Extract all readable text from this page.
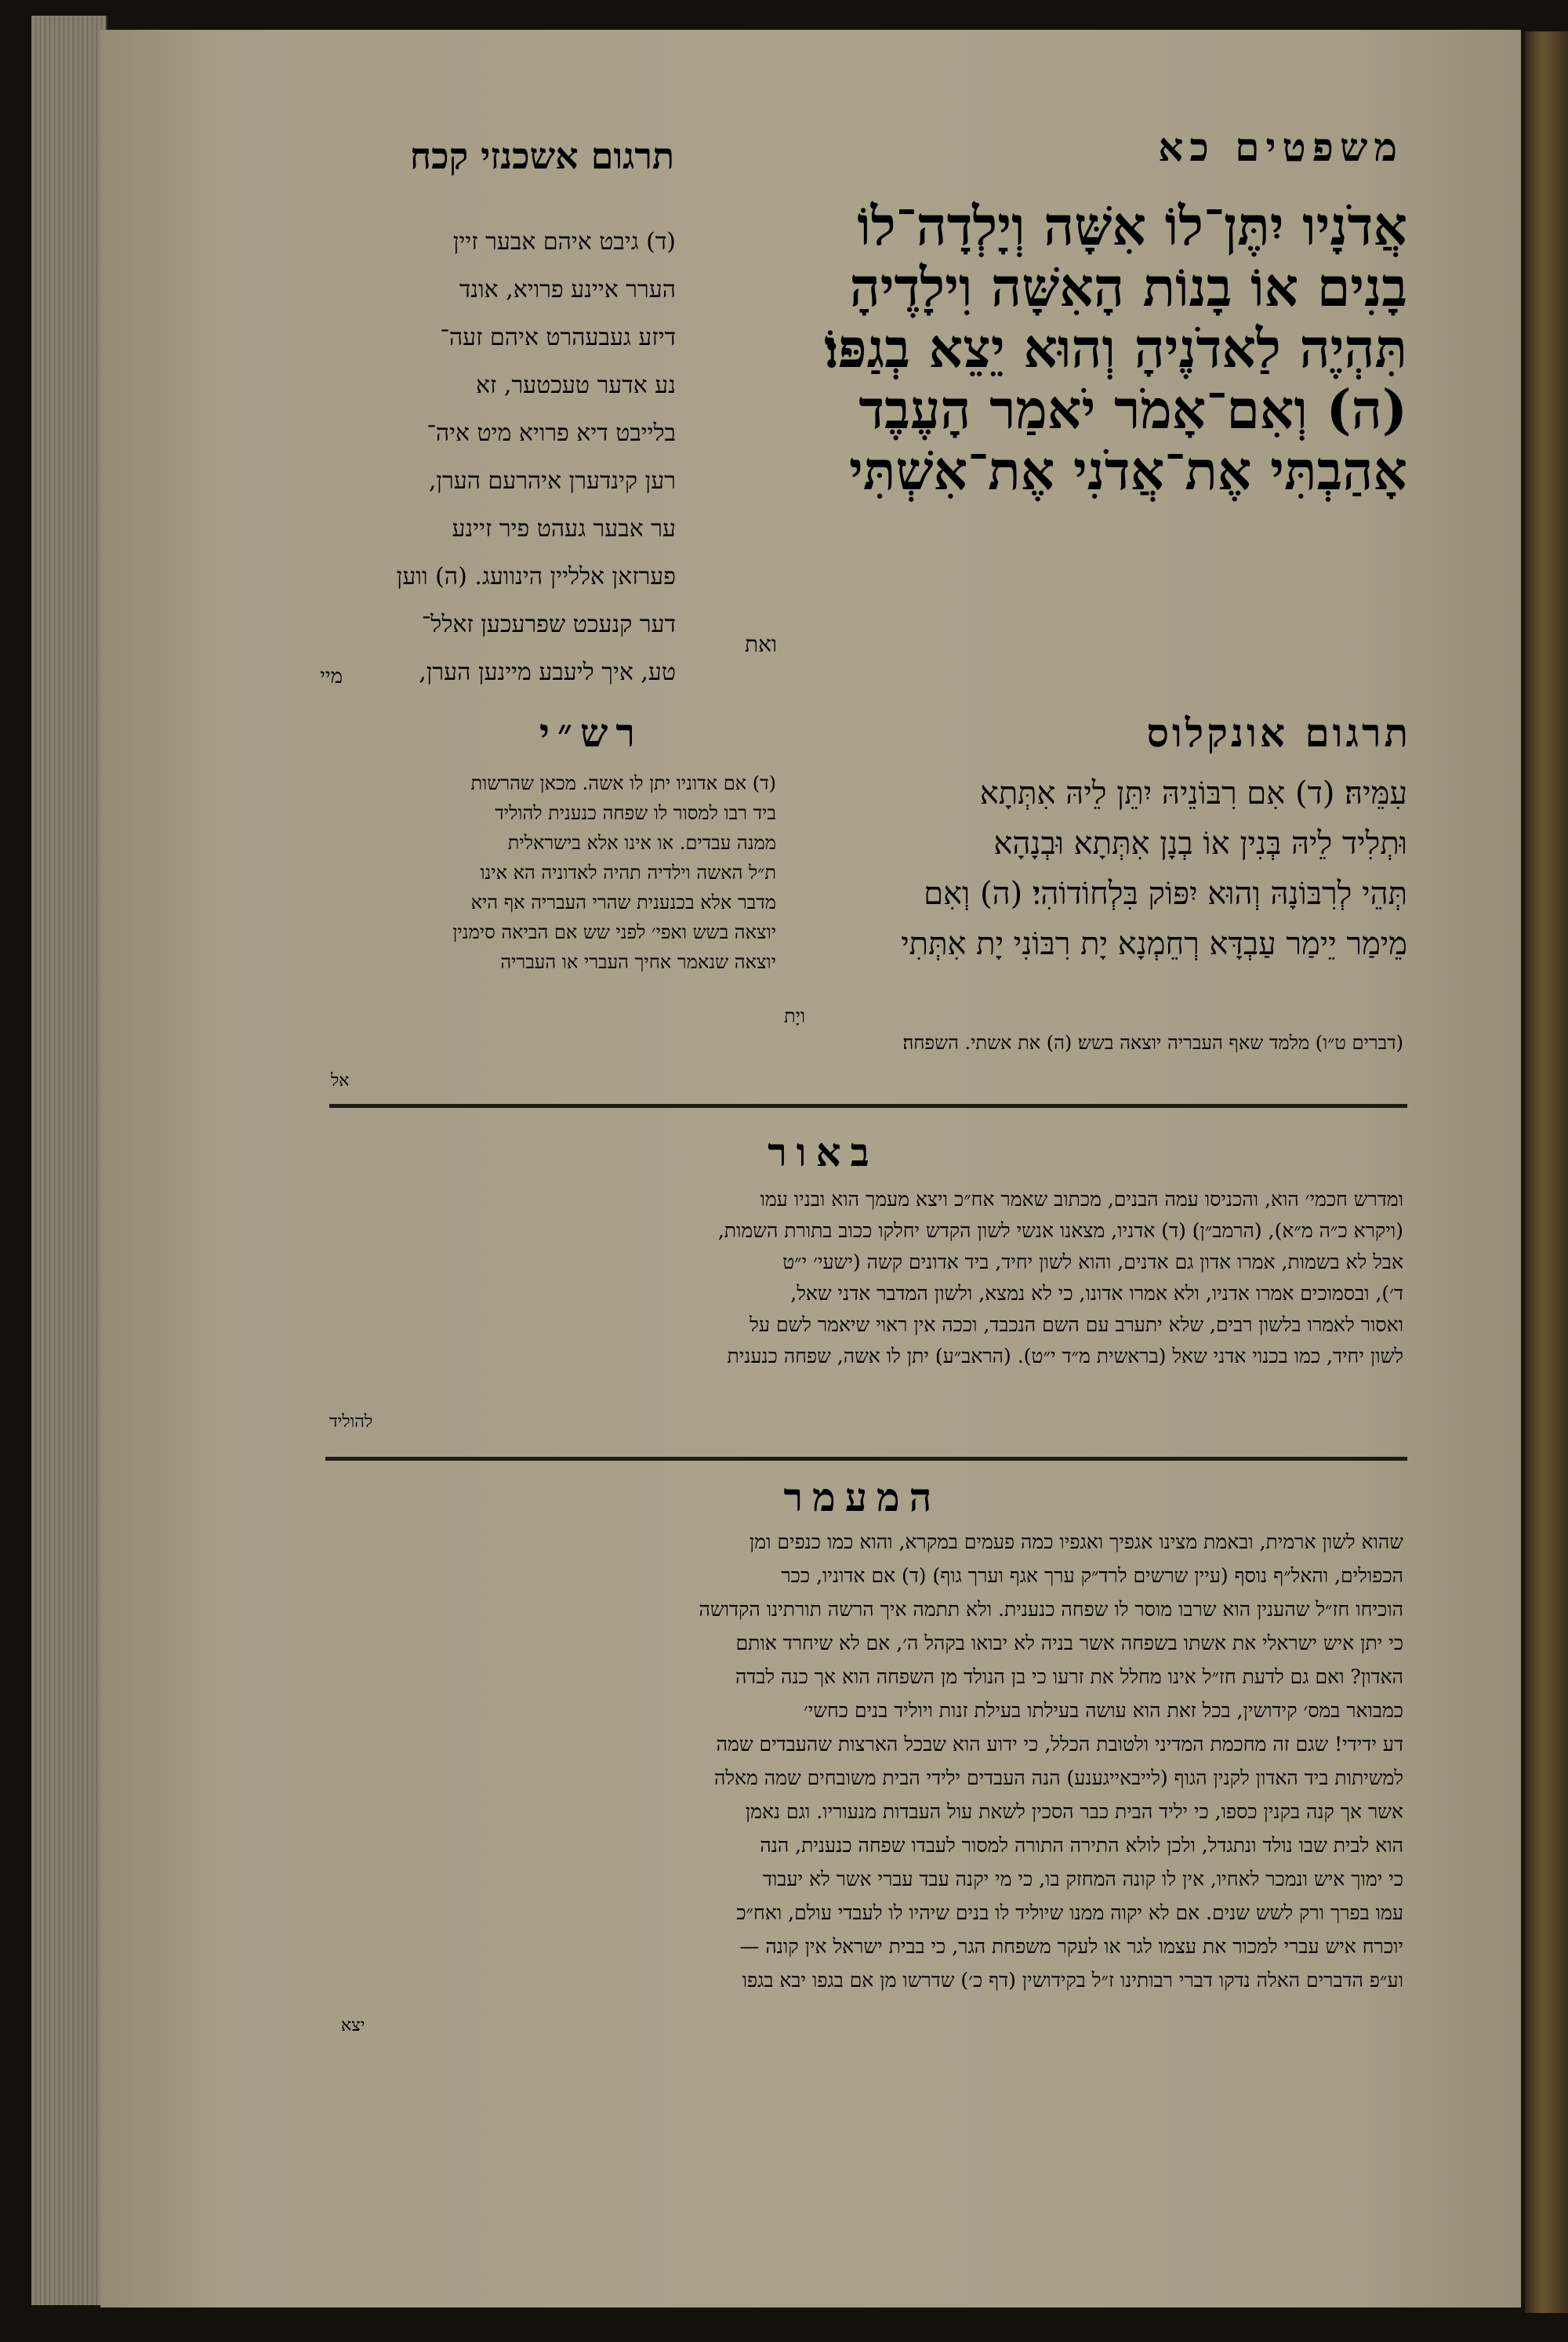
משפטים כא
תרגום אשכנזי קכח
אֲדֹנָיו יִתֶּן־לוֹ אִשָּׁה וְיָלְדָה־לוֹ
בָנִים אוֹ בָנוֹת הָאִשָּׁה וִילָדֶיהָ
תִּהְיֶה לַאדֹנֶיהָ וְהוּא יֵצֵא בְגַפּוֹ׃
(ה) וְאִם־אָמֹר יֹאמַר הָעֶבֶד
אָהַבְתִּי אֶת־אֲדֹנִי אֶת־אִשְׁתִּי
ואת
(ד) גיבט איהם אבער זיין
הערר איינע פרויא, אונד
דיזע געבעהרט איהם זעה־
נע אדער טעכטער, זא
בלייבט דיא פרויא מיט איה־
רען קינדערן איהרעם הערן,
ער אבער געהט פיר זיינע
פערזאן אלליין הינוועג. (ה) ווען
דער קנעכט שפרעכען זאלל־
טע, איך ליעבע מיינען הערן,
מיי
תרגום אונקלוס
רש״י
עִמֵּיהּ׃ (ד) אִם רִבּוֹנֵיהּ יִתֵּן לֵיהּ אִתְּתָא
וּתְלִיד לֵיהּ בְּנִין אוֹ בְנָן אִתְּתָא וּבְנָהָא
תְּהֵי לְרִבּוֹנָהּ וְהוּא יִפּוֹק בִּלְחוֹדוֹהִי׃ (ה) וְאִם
מֵימַר יֵימַר עַבְדָּא רְחֵמְנָא יָת רִבּוֹנִי יָת אִתְּתִי
ויָת
(ד) אם אדוניו יתן לו אשה. מכאן שהרשות
ביד רבו למסור לו שפחה כנענית להוליד
ממנה עבדים. או אינו אלא בישראלית
ת״ל האשה וילדיה תהיה לאדוניה הא אינו
מדבר אלא בכנענית שהרי העבריה אף היא
יוצאה בשש ואפי׳ לפני שש אם הביאה סימנין
יוצאה שנאמר אחיך העברי או העבריה
(דברים ט״ו) מלמד שאף העבריה יוצאה בשש׃ (ה) את אשתי. השפחה׃
אל
באור
ומדרש חכמי׳ הוא, והכניסו עמה הבנים, מכתוב שאמר אח״כ ויצא מעמך הוא ובניו עמו
(ויקרא כ״ה מ״א), (הרמב״ן)׃ (ד) אדניו, מצאנו אנשי לשון הקדש יחלקו ככוב בתורת השמות,
אבל לא בשמות, אמרו אדון גם אדנים, והוא לשון יחיד, ביד אדונים קשה (ישעי׳ י״ט
ד׳), ובסמוכים אמרו אדניו, ולא אמרו אדונו, כי לא נמצא, ולשון המדבר אדני שאל,
ואסור לאמרו בלשון רבים, שלא יתערב עם השם הנכבד, וככה אין ראוי שיאמר לשם על
לשון יחיד, כמו בכנוי אדני שאל (בראשית מ״ד י״ט). (הראב״ע)׃ יתן לו אשה, שפחה כנענית
להוליד
המעמר
שהוא לשון ארמית, ובאמת מצינו אגפיך ואגפיו כמה פעמים במקרא, והוא כמו כנפים ומן
הכפולים, והאל״ף נוסף (עיין שרשים לרד״ק ערך אגף וערך גוף)׃ (ד) אם אדוניו, ככר
הוכיחו חז״ל שהענין הוא שרבו מוסר לו שפחה כנענית. ולא תתמה איך הרשה תורתינו הקדושה
כי יתן איש ישראלי את אשתו בשפחה אשר בניה לא יבואו בקהל ה׳, אם לא שיחרד אותם
האדון? ואם גם לדעת חז״ל אינו מחלל את זרעו כי בן הנולד מן השפחה הוא אך כנה לבדה
כמבואר במס׳ קידושין, בכל זאת הוא עושה בעילתו בעילת זנות ויוליד בנים כחשי׳
דע ידידי! שגם זה מחכמת המדיני ולטובת הכלל, כי ידוע הוא שבכל הארצות שהעבדים שמה
למשיתות ביד האדון לקנין הגוף (לייבאייגענע) הנה העבדים ילידי הבית משובחים שמה מאלה
אשר אך קנה בקנין כספו, כי יליד הבית כבר הסכין לשאת עול העבדות מנעוריו. וגם נאמן
הוא לבית שבו נולד ונתגדל, ולכן לולא התירה התורה למסור לעבדו שפחה כנענית, הנה
כי ימוך איש ונמכר לאחיו, אין לו קונה המחזק בו, כי מי יקנה עבד עברי אשר לא יעבוד
עמו בפרך ורק לשש שנים. אם לא יקוה ממנו שיוליד לו בנים שיהיו לו לעבדי עולם, ואח״כ
יוכרח איש עברי למכור את עצמו לגר או לעקר משפחת הגר, כי בבית ישראל אין קונה —
וע״פ הדברים האלה נדקו דברי רבותינו ז״ל בקידושין (דף כ׳) שדרשו מן אם בגפו יבא בגפו
יצא
